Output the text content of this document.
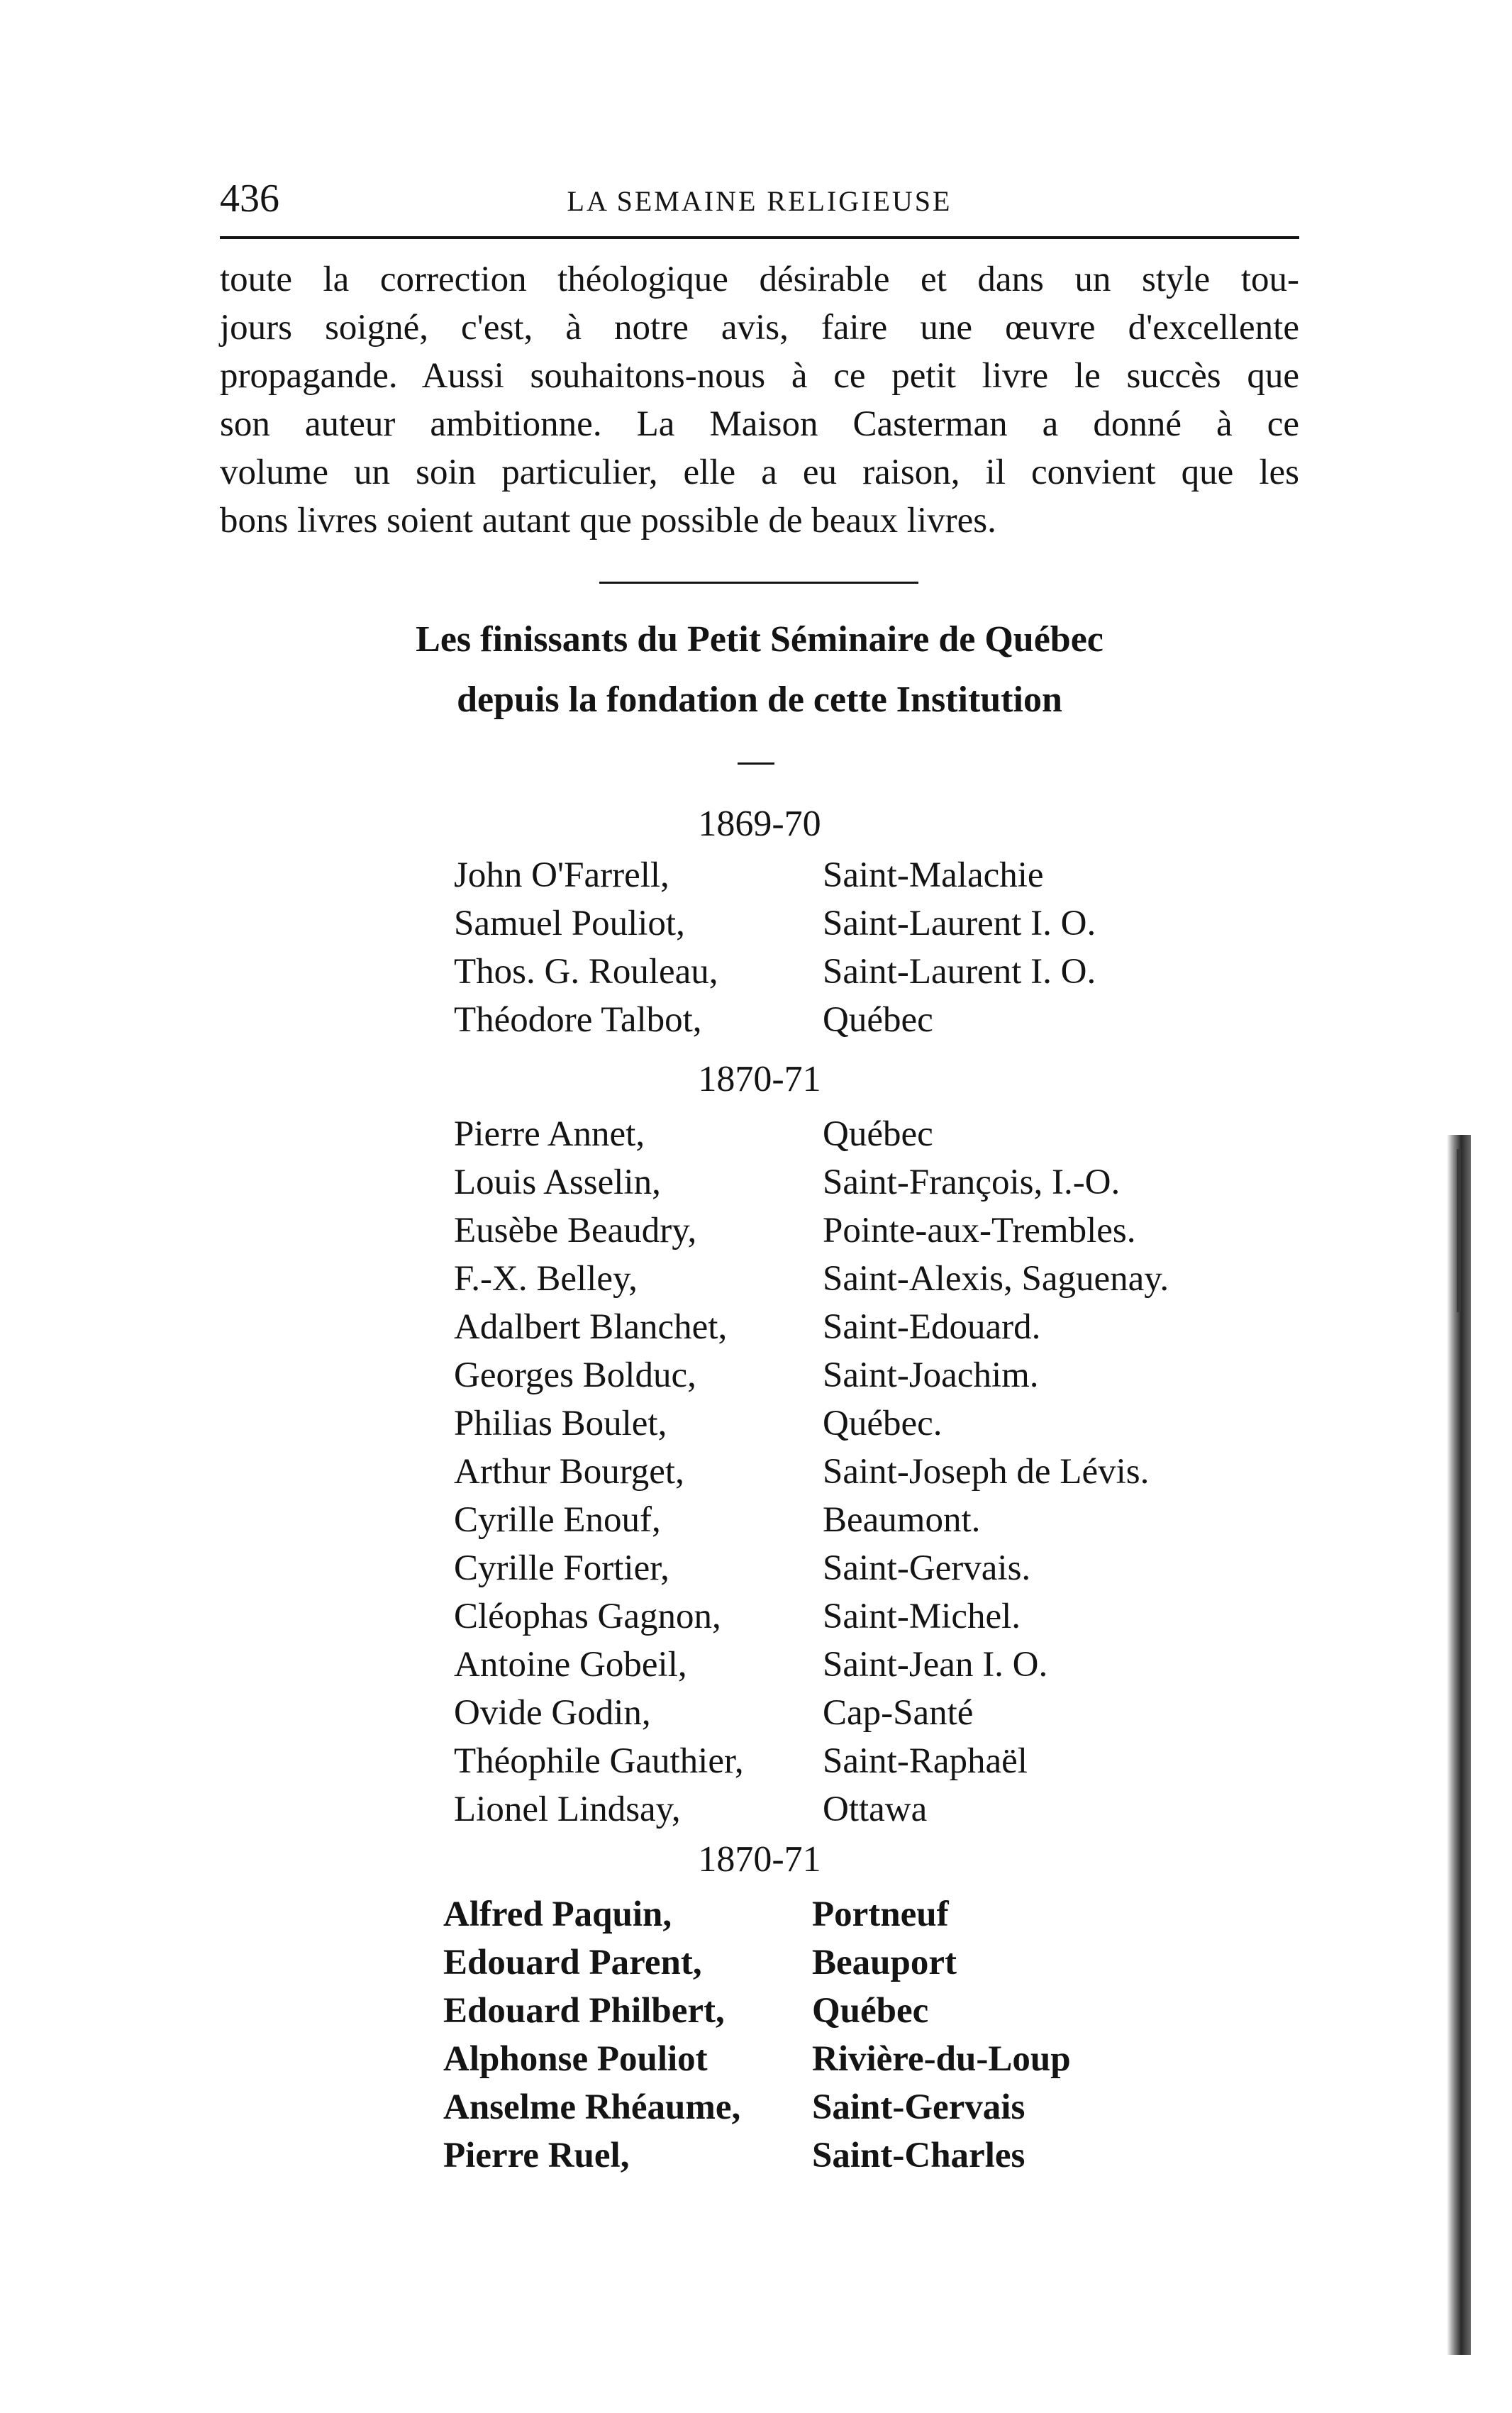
436	LA SEMAINE RELIGIEUSE
toute la correction théologique désirable et dans un style tou-
jours soigné, c'est, à notre avis, faire une œuvre d'excellente
propagande. Aussi souhaitons-nous à ce petit livre le succès que
son auteur ambitionne. La Maison Casterman a donné à ce
volume un soin particulier, elle a eu raison, il convient que les
bons livres soient autant que possible de beaux livres.
Les finissants du Petit Séminaire de Québec
depuis la fondation de cette Institution
1869-70
John O'Farrell,	Saint-Malachie
Samuel Pouliot,	Saint-Laurent I. O.
Thos. G. Rouleau,	Saint-Laurent I. O.
Théodore Talbot,	Québec
1870-71
Pierre Annet,	Québec
Louis Asselin,	Saint-François, I.-O.
Eusèbe Beaudry,	Pointe-aux-Trembles.
F.-X. Belley,	Saint-Alexis, Saguenay.
Adalbert Blanchet,	Saint-Edouard.
Georges Bolduc,	Saint-Joachim.
Philias Boulet,	Québec.
Arthur Bourget,	Saint-Joseph de Lévis.
Cyrille Enouf,	Beaumont.
Cyrille Fortier,	Saint-Gervais.
Cléophas Gagnon,	Saint-Michel.
Antoine Gobeil,	Saint-Jean I. O.
Ovide Godin,	Cap-Santé
Théophile Gauthier, Saint-Raphaël
Lionel Lindsay,	Ottawa
1870-71
Alfred Paquin,	Portneuf
Edouard Parent,	Beauport
Edouard Philbert, Québec
Alphonse Pouliot	Rivière-du-Loup
Anselme Rhéaume, Saint-Gervais
Pierre Ruel,	Saint-Charles
